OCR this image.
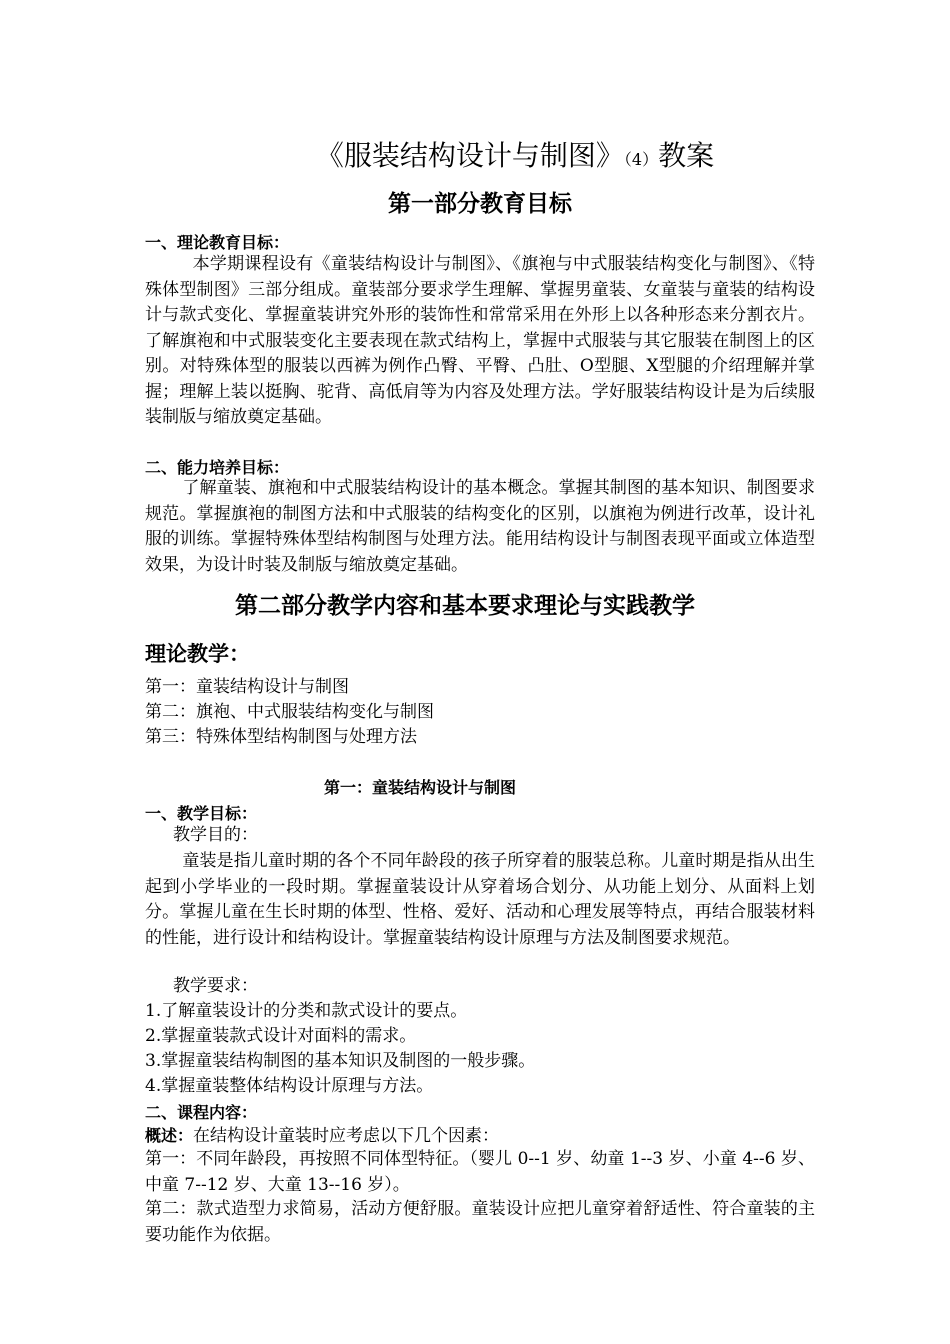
《服装结构设计与制图》（4）教案
第一部分教育目标
一、理论教育目标：

本学期课程设有《童装结构设计与制图》、《旗袍与中式服装结构变化与制图》、《特殊体型制图》三部分组成。童装部分要求学生理解、掌握男童装、女童装与童装的结构设计与款式变化、掌握童装讲究外形的装饰性和常常采用在外形上以各种形态来分割衣片。了解旗袍和中式服装变化主要表现在款式结构上，掌握中式服装与其它服装在制图上的区别。对特殊体型的服装以西裤为例作凸臀、平臀、凸肚、O型腿、X型腿的介绍理解并掌握；理解上装以挺胸、驼背、高低肩等为内容及处理方法。学好服装结构设计是为后续服装制版与缩放奠定基础。

二、能力培养目标：

了解童装、旗袍和中式服装结构设计的基本概念。掌握其制图的基本知识、制图要求规范。掌握旗袍的制图方法和中式服装的结构变化的区别，以旗袍为例进行改革，设计礼服的训练。掌握特殊体型结构制图与处理方法。能用结构设计与制图表现平面或立体造型效果，为设计时装及制版与缩放奠定基础。

第二部分教学内容和基本要求理论与实践教学
理论教学：
第一：童装结构设计与制图
第二：旗袍、中式服装结构变化与制图
第三：特殊体型结构制图与处理方法
第一：童装结构设计与制图
一、教学目标：
教学目的：

童装是指儿童时期的各个不同年龄段的孩子所穿着的服装总称。儿童时期是指从出生起到小学毕业的一段时期。掌握童装设计从穿着场合划分、从功能上划分、从面料上划分。掌握儿童在生长时期的体型、性格、爱好、活动和心理发展等特点，再结合服装材料的性能，进行设计和结构设计。掌握童装结构设计原理与方法及制图要求规范。

教学要求：
1.了解童装设计的分类和款式设计的要点。
2.掌握童装款式设计对面料的需求。
3.掌握童装结构制图的基本知识及制图的一般步骤。
4.掌握童装整体结构设计原理与方法。
二、课程内容：
概述：在结构设计童装时应考虑以下几个因素：

第一：不同年龄段，再按照不同体型特征。（婴儿 0--1 岁、幼童 1--3 岁、小童 4--6 岁、中童 7--12 岁、大童 13--16 岁）。

第二：款式造型力求简易，活动方便舒服。童装设计应把儿童穿着舒适性、符合童装的主要功能作为依据。
